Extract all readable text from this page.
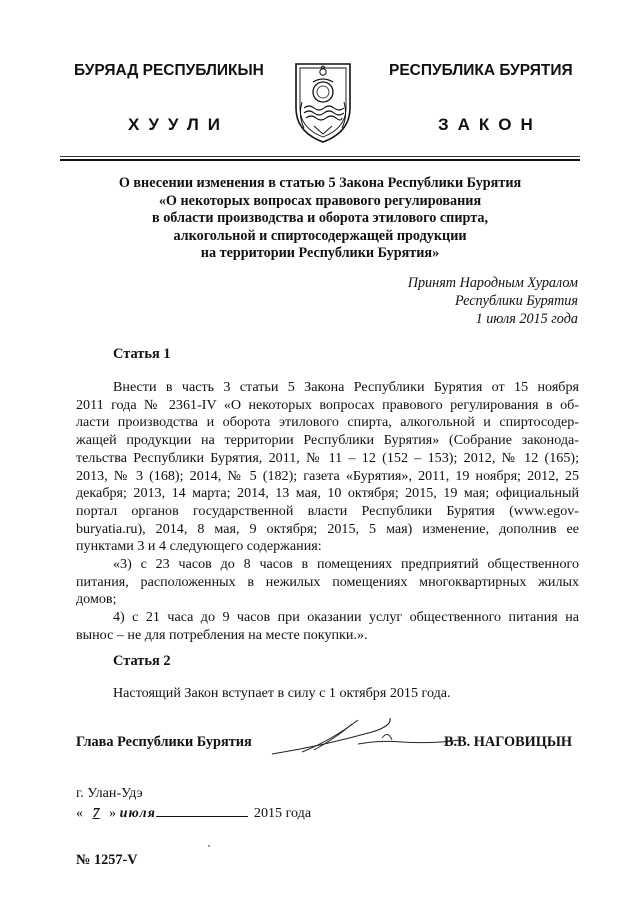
БУРЯАД РЕСПУБЛИКЫН	РЕСПУБЛИКА БУРЯТИЯ
ХУУЛИ	ЗАКОН
О внесении изменения в статью 5 Закона Республики Бурятия
«О некоторых вопросах правового регулирования
в области производства и оборота этилового спирта,
алкогольной и спиртосодержащей продукции
на территории Республики Бурятия»
Принят Народным Хуралом
Республики Бурятия
1 июля 2015 года
Статья 1
Внести в часть 3 статьи 5 Закона Республики Бурятия от 15 ноября
2011 года № 2361-IV «О некоторых вопросах правового регулирования в об-
ласти производства и оборота этилового спирта, алкогольной и спиртосодер-
жащей продукции на территории Республики Бурятия» (Собрание законода-
тельства Республики Бурятия, 2011, № 11 – 12 (152 – 153); 2012, № 12 (165);
2013, № 3 (168); 2014, № 5 (182); газета «Бурятия», 2011, 19 ноября; 2012, 25
декабря; 2013, 14 марта; 2014, 13 мая, 10 октября; 2015, 19 мая; официальный
портал органов государственной власти Республики Бурятия (www.egov-
buryatia.ru), 2014, 8 мая, 9 октября; 2015, 5 мая) изменение, дополнив ее
пунктами 3 и 4 следующего содержания:
«3) с 23 часов до 8 часов в помещениях предприятий общественного
питания, расположенных в нежилых помещениях многоквартирных жилых
домов;
4) с 21 часа до 9 часов при оказании услуг общественного питания на
вынос – не для потребления на месте покупки.».
Статья 2
Настоящий Закон вступает в силу с 1 октября 2015 года.
Глава Республики Бурятия	В.В. НАГОВИЦЫН
г. Улан-Удэ
« 7 » июля	2015 года
№ 1257-V
